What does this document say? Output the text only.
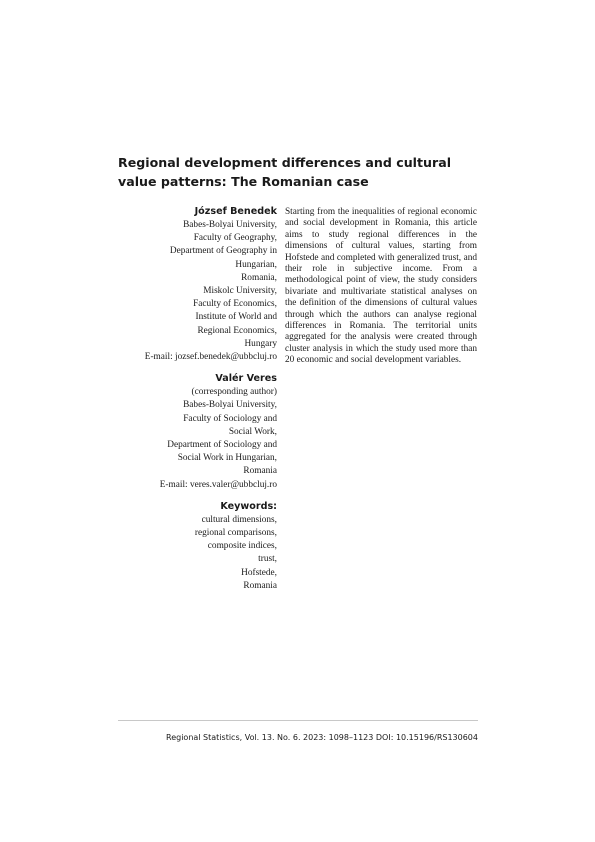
Regional development differences and cultural value patterns: The Romanian case
József Benedek
Babes-Bolyai University,
Faculty of Geography,
Department of Geography in
Hungarian,
Romania,
Miskolc University,
Faculty of Economics,
Institute of World and
Regional Economics,
Hungary
E-mail: jozsef.benedek@ubbcluj.ro
Valér Veres
(corresponding author)
Babes-Bolyai University,
Faculty of Sociology and
Social Work,
Department of Sociology and
Social Work in Hungarian,
Romania
E-mail: veres.valer@ubbcluj.ro
Keywords:
cultural dimensions,
regional comparisons,
composite indices,
trust,
Hofstede,
Romania

Starting from the inequalities of regional economic and social development in Romania, this article aims to study regional differences in the dimensions of cultural values, starting from Hofstede and completed with generalized trust, and their role in subjective income. From a methodological point of view, the study considers bivariate and multivariate statistical analyses on the definition of the dimensions of cultural values through which the authors can analyse regional differences in Romania. The territorial units aggregated for the analysis were created through cluster analysis in which the study used more than 20 economic and social development variables.

Regional Statistics, Vol. 13. No. 6. 2023: 1098–1123 DOI: 10.15196/RS130604
